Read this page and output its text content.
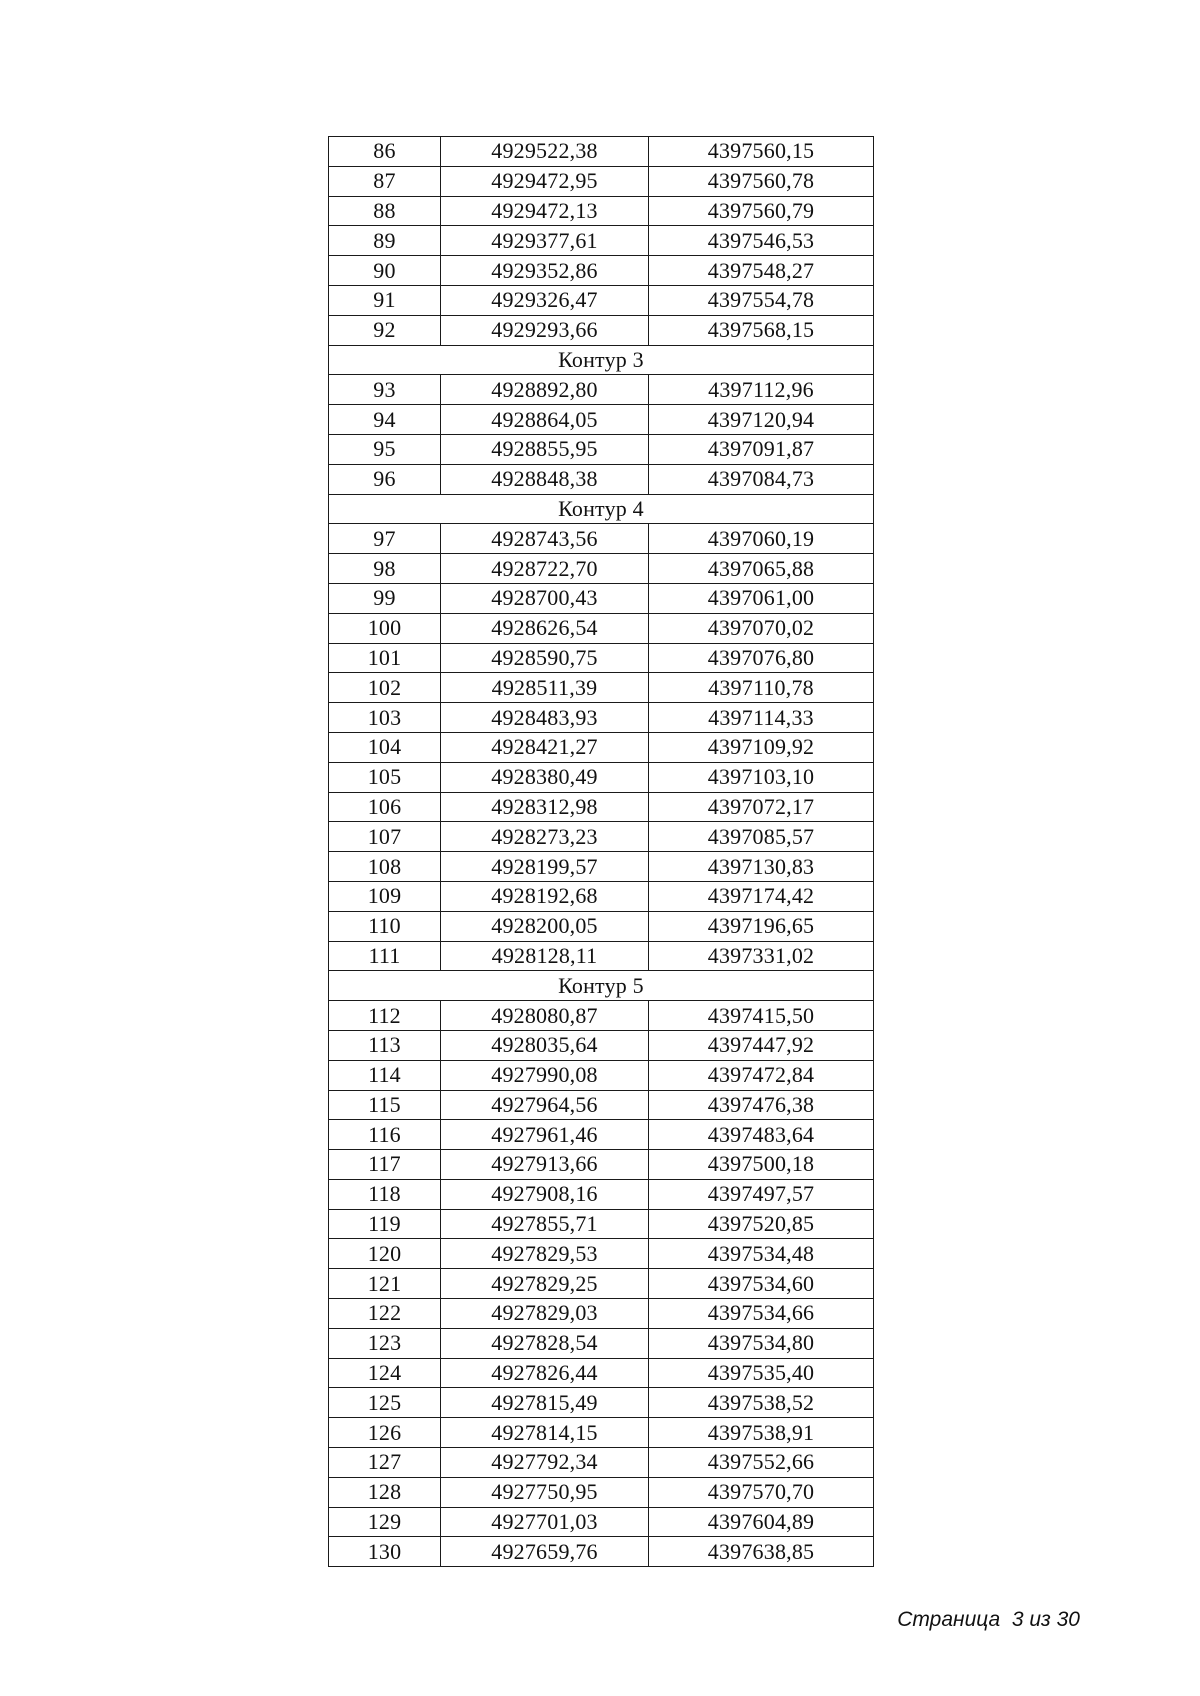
86	4929522,38	4397560,15
87	4929472,95	4397560,78
88	4929472,13	4397560,79
89	4929377,61	4397546,53
90	4929352,86	4397548,27
91	4929326,47	4397554,78
92	4929293,66	4397568,15
Контур 3		
93	4928892,80	4397112,96
94	4928864,05	4397120,94
95	4928855,95	4397091,87
96	4928848,38	4397084,73
Контур 4		
97	4928743,56	4397060,19
98	4928722,70	4397065,88
99	4928700,43	4397061,00
100	4928626,54	4397070,02
101	4928590,75	4397076,80
102	4928511,39	4397110,78
103	4928483,93	4397114,33
104	4928421,27	4397109,92
105	4928380,49	4397103,10
106	4928312,98	4397072,17
107	4928273,23	4397085,57
108	4928199,57	4397130,83
109	4928192,68	4397174,42
110	4928200,05	4397196,65
111	4928128,11	4397331,02
Контур 5		
112	4928080,87	4397415,50
113	4928035,64	4397447,92
114	4927990,08	4397472,84
115	4927964,56	4397476,38
116	4927961,46	4397483,64
117	4927913,66	4397500,18
118	4927908,16	4397497,57
119	4927855,71	4397520,85
120	4927829,53	4397534,48
121	4927829,25	4397534,60
122	4927829,03	4397534,66
123	4927828,54	4397534,80
124	4927826,44	4397535,40
125	4927815,49	4397538,52
126	4927814,15	4397538,91
127	4927792,34	4397552,66
128	4927750,95	4397570,70
129	4927701,03	4397604,89
130	4927659,76	4397638,85
Страница  3 из 30
